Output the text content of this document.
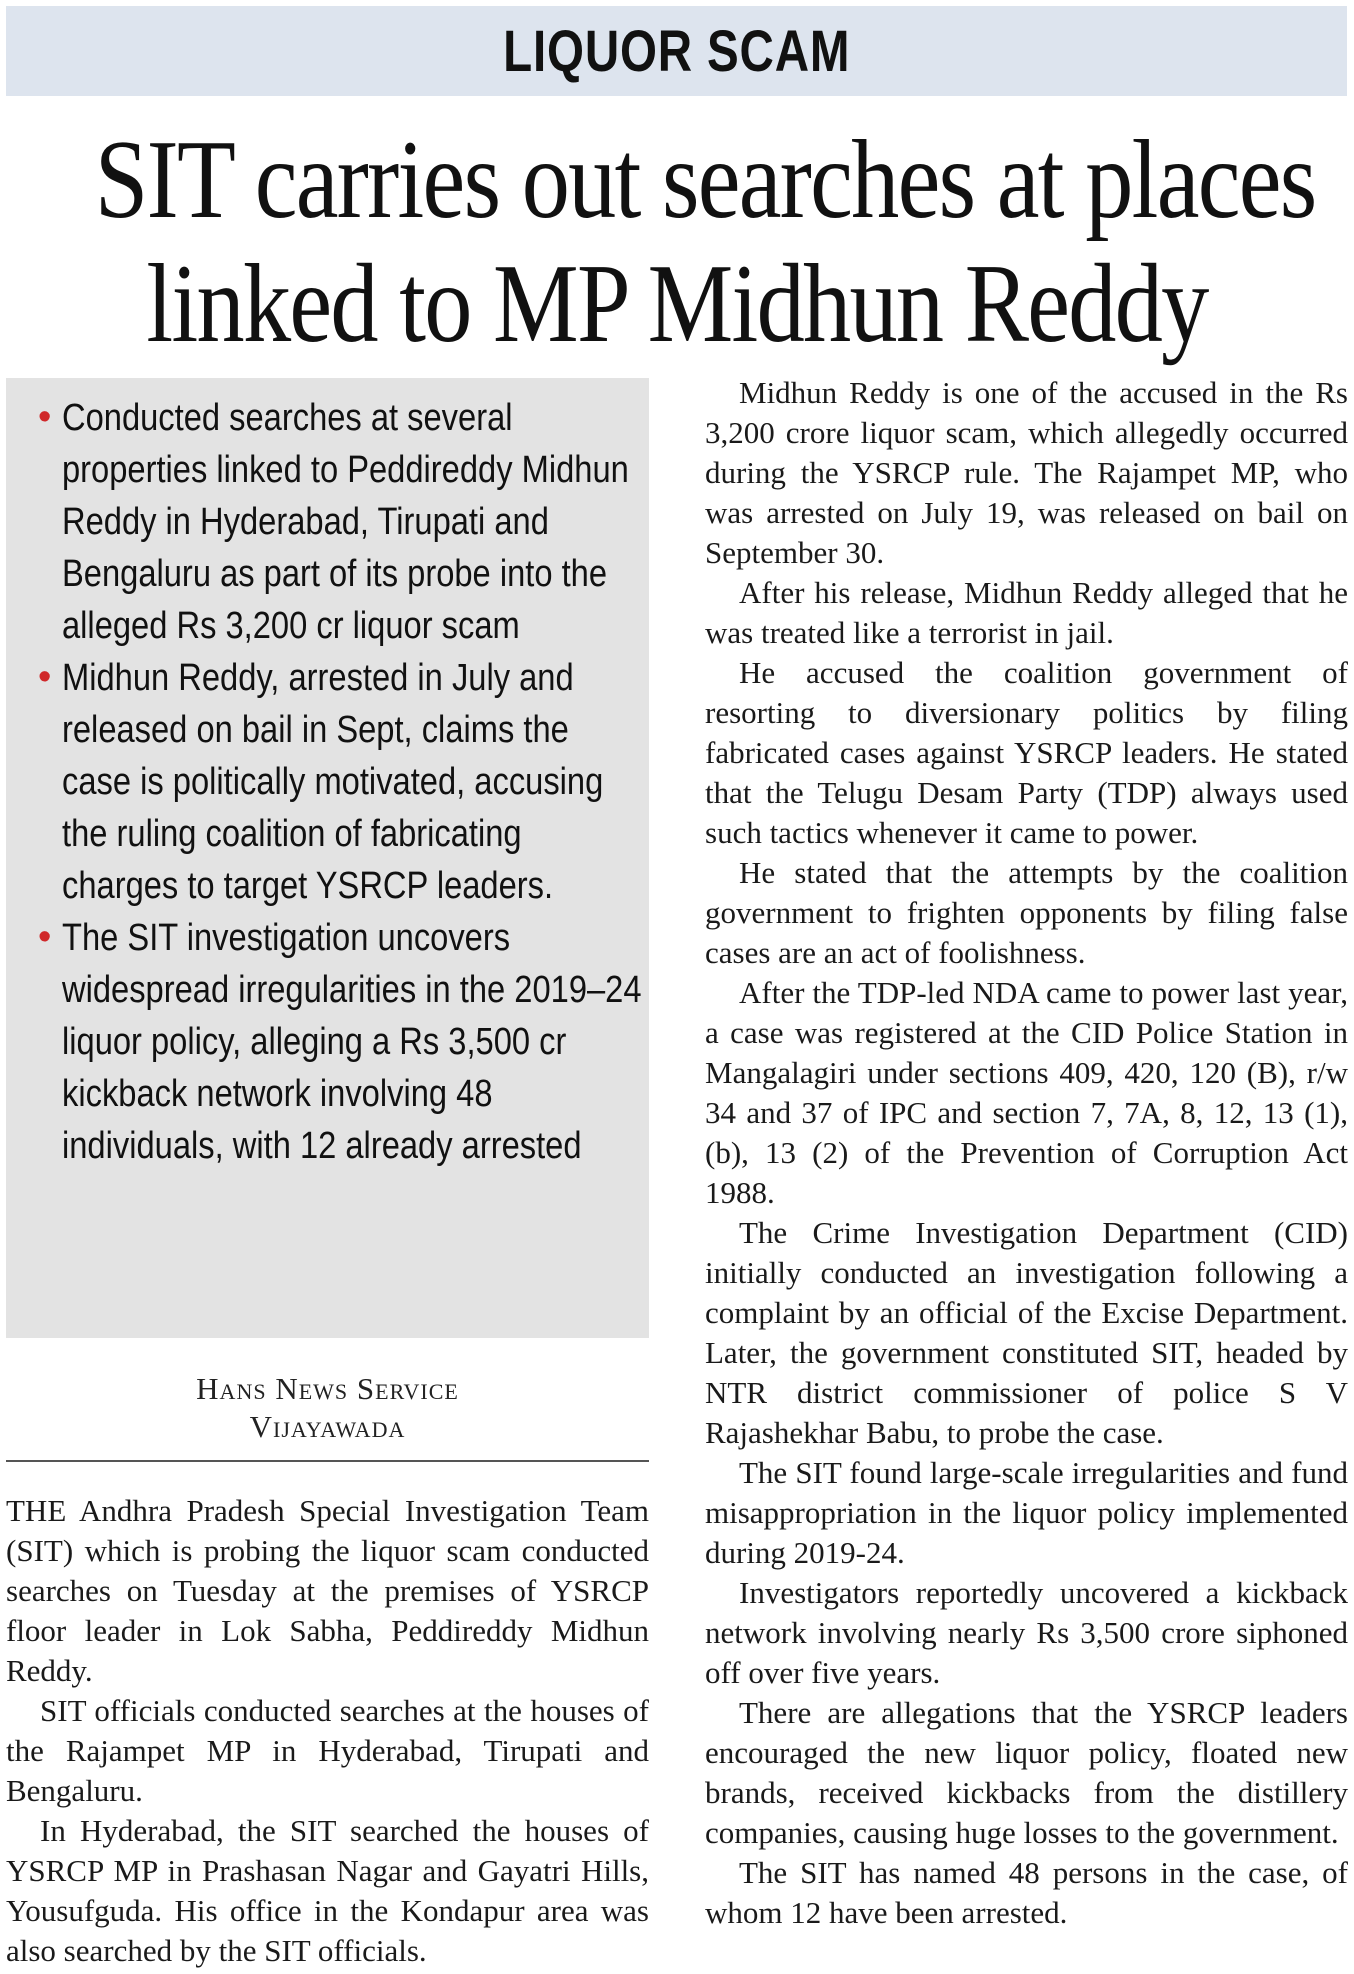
LIQUOR SCAM
SIT carries out searches at places
linked to MP Midhun Reddy
• Conducted searches at several properties linked to Peddireddy Midhun Reddy in Hyderabad, Tirupati and Bengaluru as part of its probe into the alleged Rs 3,200 cr liquor scam
• Midhun Reddy, arrested in July and released on bail in Sept, claims the case is politically motivated, accusing the ruling coalition of fabricating charges to target YSRCP leaders.
• The SIT investigation uncovers widespread irregularities in the 2019–24 liquor policy, alleging a Rs 3,500 cr kickback network involving 48 individuals, with 12 already arrested
Hans News Service
Vijayawada

THE Andhra Pradesh Special Investigation Team (SIT) which is probing the liquor scam conducted searches on Tuesday at the premises of YSRCP floor leader in Lok Sabha, Peddireddy Midhun Reddy.

SIT officials conducted searches at the houses of the Rajampet MP in Hyderabad, Tirupati and Bengaluru.

In Hyderabad, the SIT searched the houses of YSRCP MP in Prashasan Nagar and Gayatri Hills, Yousufguda. His office in the Kondapur area was also searched by the SIT officials.

Midhun Reddy is one of the accused in the Rs 3,200 crore liquor scam, which allegedly occurred during the YSRCP rule. The Rajampet MP, who was arrested on July 19, was released on bail on September 30.

After his release, Midhun Reddy alleged that he was treated like a terrorist in jail.

He accused the coalition government of resorting to diversionary politics by filing fabricated cases against YSRCP leaders. He stated that the Telugu Desam Party (TDP) always used such tactics whenever it came to power.

He stated that the attempts by the coalition government to frighten opponents by filing false cases are an act of foolishness.

After the TDP-led NDA came to power last year, a case was registered at the CID Police Station in Mangalagiri under sections 409, 420, 120 (B), r/w 34 and 37 of IPC and section 7, 7A, 8, 12, 13 (1), (b), 13 (2) of the Prevention of Corruption Act 1988.

The Crime Investigation Department (CID) initially conducted an investigation following a complaint by an official of the Excise Department. Later, the government constituted SIT, headed by NTR district commissioner of police S V Rajashekhar Babu, to probe the case.

The SIT found large-scale irregularities and fund misappropriation in the liquor policy implemented during 2019-24.

Investigators reportedly uncovered a kickback network involving nearly Rs 3,500 crore siphoned off over five years.

There are allegations that the YSRCP leaders encouraged the new liquor policy, floated new brands, received kickbacks from the distillery companies, causing huge losses to the government.

The SIT has named 48 persons in the case, of whom 12 have been arrested.
